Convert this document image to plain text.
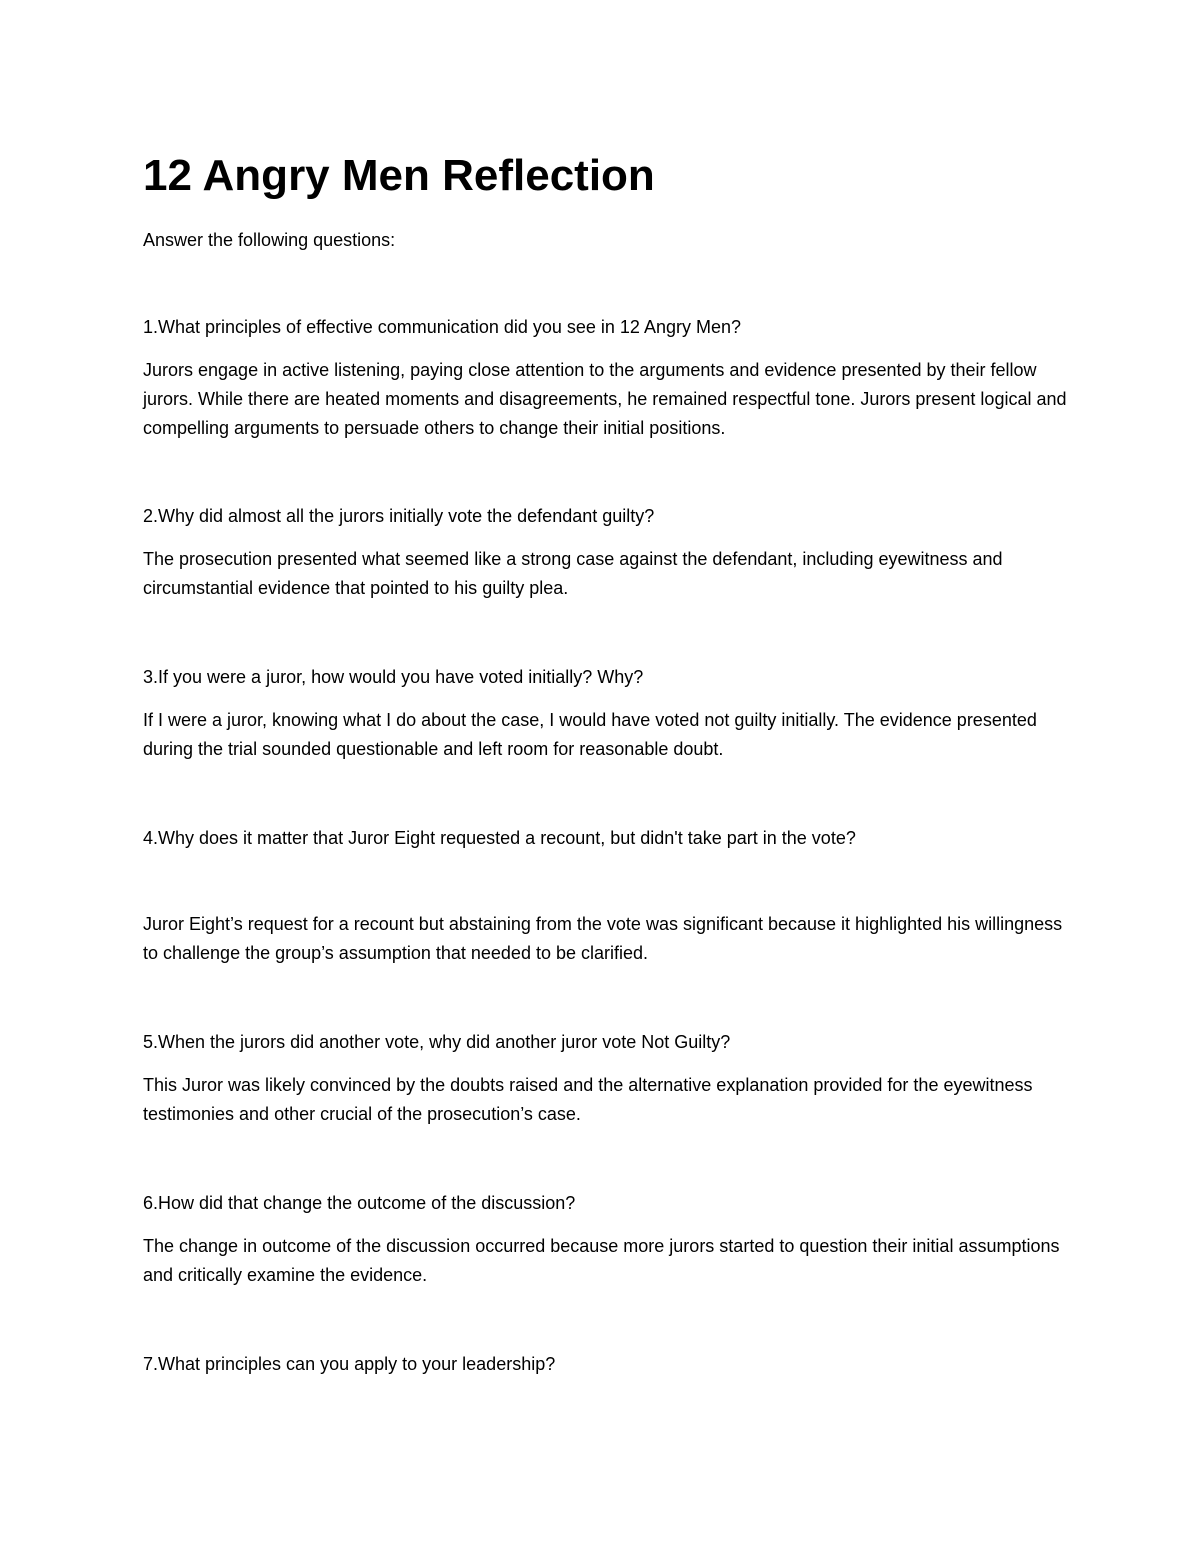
12 Angry Men Reflection
Answer the following questions:
1.What principles of effective communication did you see in 12 Angry Men?
Jurors engage in active listening, paying close attention to the arguments and evidence presented by their fellow jurors. While there are heated moments and disagreements, he remained respectful tone. Jurors present logical and compelling arguments to persuade others to change their initial positions.
2.Why did almost all the jurors initially vote the defendant guilty?
The prosecution presented what seemed like a strong case against the defendant, including eyewitness and circumstantial evidence that pointed to his guilty plea.
3.If you were a juror, how would you have voted initially? Why?
If I were a juror, knowing what I do about the case, I would have voted not guilty initially. The evidence presented during the trial sounded questionable and left room for reasonable doubt.
4.Why does it matter that Juror Eight requested a recount, but didn't take part in the vote?
Juror Eight’s request for a recount but abstaining from the vote was significant because it highlighted his willingness to challenge the group’s assumption that needed to be clarified.
5.When the jurors did another vote, why did another juror vote Not Guilty?
This Juror was likely convinced by the doubts raised and the alternative explanation provided for the eyewitness testimonies and other crucial of the prosecution’s case.
6.How did that change the outcome of the discussion?
The change in outcome of the discussion occurred because more jurors started to question their initial assumptions and critically examine the evidence.
7.What principles can you apply to your leadership?
